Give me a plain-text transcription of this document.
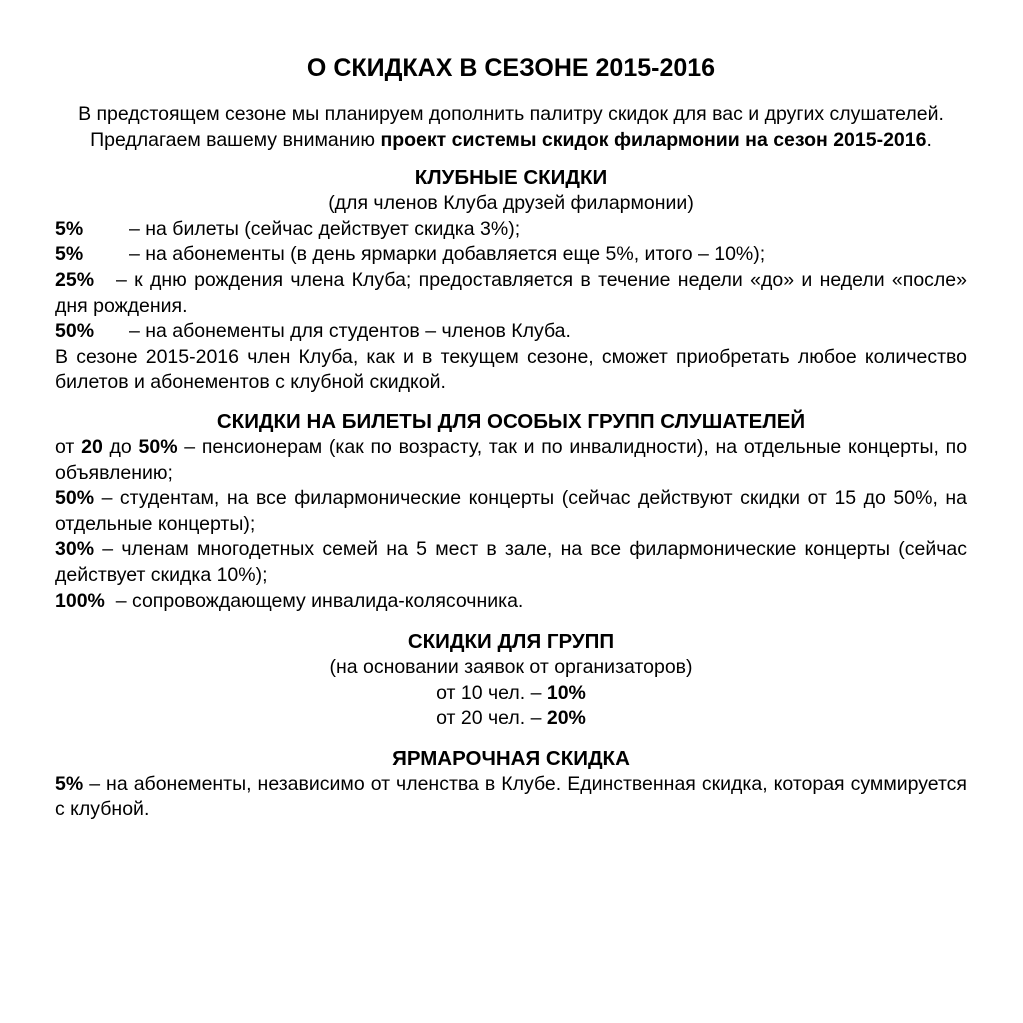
О СКИДКАХ В СЕЗОНЕ 2015-2016

В предстоящем сезоне мы планируем дополнить палитру скидок для вас и других слушателей. Предлагаем вашему вниманию проект системы скидок филармонии на сезон 2015-2016.

КЛУБНЫЕ СКИДКИ

(для членов Клуба друзей филармонии)

5%	– на билеты (сейчас действует скидка 3%);
5%	– на абонементы (в день ярмарки добавляется еще 5%, итого – 10%);

25% – к дню рождения члена Клуба; предоставляется в течение недели «до» и недели «после» дня рождения.

50%	– на абонементы для студентов – членов Клуба.

В сезоне 2015-2016 член Клуба, как и в текущем сезоне, сможет приобретать любое количество билетов и абонементов с клубной скидкой.

СКИДКИ НА БИЛЕТЫ ДЛЯ ОСОБЫХ ГРУПП СЛУШАТЕЛЕЙ

от 20 до 50% – пенсионерам (как по возрасту, так и по инвалидности), на отдельные концерты, по объявлению;

50% – студентам, на все филармонические концерты (сейчас действуют скидки от 15 до 50%, на отдельные концерты);

30% – членам многодетных семей на 5 мест в зале, на все филармонические концерты (сейчас действует скидка 10%);

100% – сопровождающему инвалида-колясочника.

СКИДКИ ДЛЯ ГРУПП

(на основании заявок от организаторов)

от 10 чел. – 10%

от 20 чел. – 20%

ЯРМАРОЧНАЯ СКИДКА

5% – на абонементы, независимо от членства в Клубе. Единственная скидка, которая суммируется с клубной.
